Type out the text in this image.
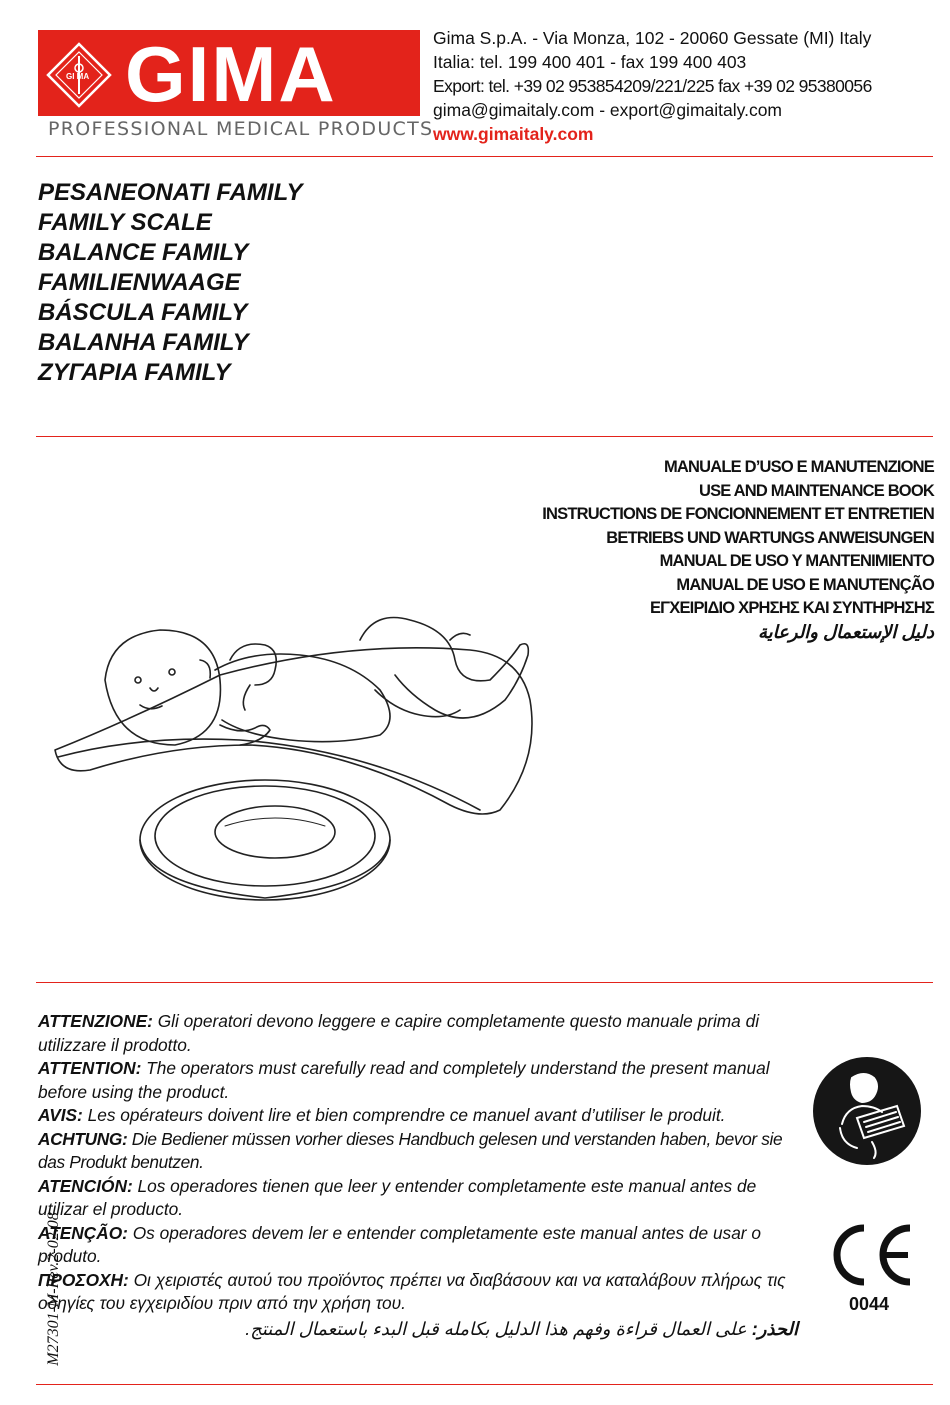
GI MA GIMA
PROFESSIONAL MEDICAL PRODUCTS
Gima S.p.A. - Via Monza, 102 - 20060 Gessate (MI) Italy
Italia: tel. 199 400 401 - fax 199 400 403
Export: tel. +39 02 953854209/221/225 fax +39 02 95380056
gima@gimaitaly.com - export@gimaitaly.com
www.gimaitaly.com
PESANEONATI FAMILY
FAMILY SCALE
BALANCE FAMILY
FAMILIENWAAGE
BÁSCULA FAMILY
BALANHA FAMILY
ΖΥΓΑΡΙΑ FAMILY
MANUALE D’USO E MANUTENZIONE
USE AND MAINTENANCE BOOK
INSTRUCTIONS DE FONCIONNEMENT ET ENTRETIEN
BETRIEBS UND WARTUNGS ANWEISUNGEN
MANUAL DE USO Y MANTENIMIENTO
MANUAL DE USO E MANUTENÇÃO
ΕΓΧΕΙΡΙΔΙΟ ΧΡΗΣΗΣ ΚΑΙ ΣΥΝΤΗΡΗΣΗΣ
دليل الإستعمال والرعاية

ATTENZIONE: Gli operatori devono leggere e capire completamente questo manuale prima di utilizzare il prodotto.

ATTENTION: The operators must carefully read and completely understand the present manual before using the product.

AVIS: Les opérateurs doivent lire et bien comprendre ce manuel avant d’utiliser le produit.

ACHTUNG: Die Bediener müssen vorher dieses Handbuch gelesen und verstanden haben, bevor sie das Produkt benutzen.

ATENCIÓN: Los operadores tienen que leer y entender completamente este manual antes de utilizar el producto.

ATENÇÃO: Os operadores devem ler e entender completamente este manual antes de usar o produto.

ΠΡΟΣΟΧΗ: Οι χειριστές αυτού του προϊόντος πρέπει να διαβάσουν και να καταλάβουν πλήρως τις οδηγίες του εγχειριδίου πριν από την χρήση του.

الحذر: على العمال قراءة وفهم هذا الدليل بكامله قبل البدء باستعمال المنتج.

CE
0044
M27301-M-Rev.2-02.08
